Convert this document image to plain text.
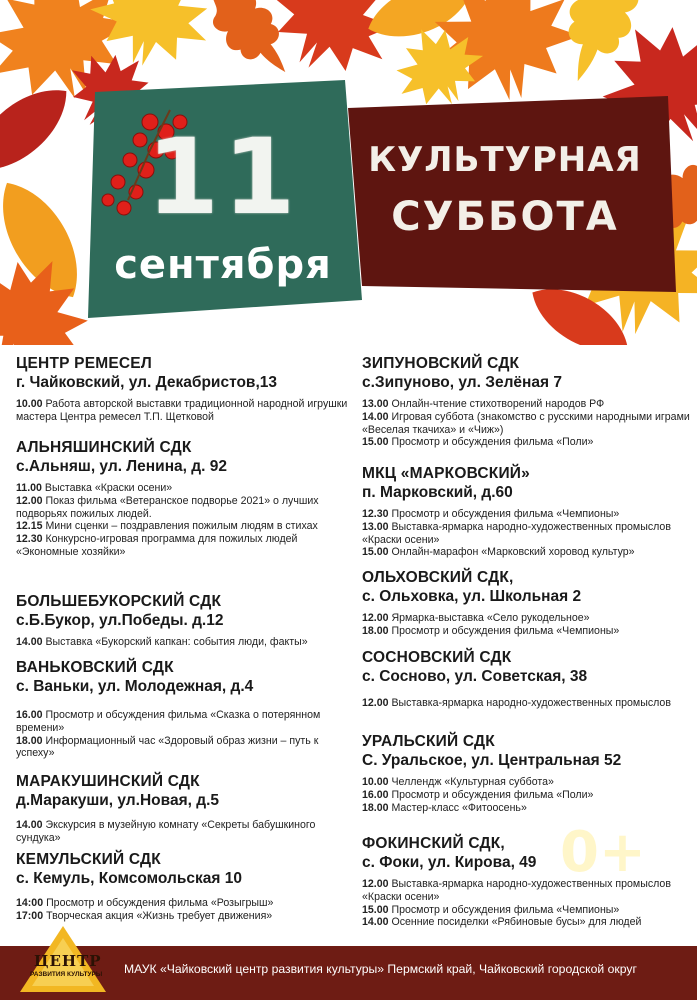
11
сентября
КУЛЬТУРНАЯ
СУББОТА
ЦЕНТР РЕМЕСЕЛ
г. Чайковский, ул. Декабристов,13
10.00 Работа авторской выставки традиционной народной игрушки мастера Центра ремесел Т.П. Щетковой
АЛЬНЯШИНСКИЙ СДК
с.Альняш, ул. Ленина, д. 92
11.00 Выставка «Краски осени»
12.00 Показ фильма «Ветеранское подворье 2021» о лучших подворьях пожилых людей.
12.15 Мини сценки – поздравления пожилым людям в стихах
12.30 Конкурсно-игровая программа для пожилых людей «Экономные хозяйки»
БОЛЬШЕБУКОРСКИЙ СДК
с.Б.Букор, ул.Победы. д.12
14.00 Выставка «Букорский капкан: события люди, факты»
ВАНЬКОВСКИЙ СДК
с. Ваньки, ул. Молодежная, д.4
16.00 Просмотр и обсуждения фильма «Сказка о потерянном времени»
18.00 Информационный час «Здоровый образ жизни – путь к успеху»
МАРАКУШИНСКИЙ СДК
д.Маракуши, ул.Новая, д.5
14.00 Экскурсия в музейную комнату «Секреты бабушкиного сундука»
КЕМУЛЬСКИЙ СДК
с. Кемуль, Комсомольская 10
14:00 Просмотр и обсуждения фильма «Розыгрыш»
17:00 Творческая акция «Жизнь требует движения»
ЗИПУНОВСКИЙ СДК
с.Зипуново, ул. Зелёная 7
13.00 Онлайн-чтение стихотворений народов РФ
14.00 Игровая суббота (знакомство с русскими народными играми «Веселая ткачиха» и «Чиж»)
15.00 Просмотр и обсуждения фильма «Поли»
МКЦ «МАРКОВСКИЙ»
п. Марковский, д.60
12.30 Просмотр и обсуждения фильма «Чемпионы»
13.00 Выставка-ярмарка народно-художественных промыслов «Краски осени»
15.00 Онлайн-марафон «Марковский хоровод культур»
ОЛЬХОВСКИЙ СДК,
с. Ольховка, ул. Школьная 2
12.00 Ярмарка-выставка «Село рукодельное»
18.00 Просмотр и обсуждения фильма «Чемпионы»
СОСНОВСКИЙ СДК
с. Сосново, ул. Советская, 38
12.00 Выставка-ярмарка народно-художественных промыслов
УРАЛЬСКИЙ СДК
С. Уральское, ул. Центральная 52
10.00 Челлендж «Культурная суббота»
16.00 Просмотр и обсуждения фильма «Поли»
18.00 Мастер-класс «Фитоосень»
ФОКИНСКИЙ СДК,
с. Фоки, ул. Кирова, 49
12.00 Выставка-ярмарка народно-художественных промыслов «Краски осени»
15.00 Просмотр и обсуждения фильма «Чемпионы»
14.00 Осенние посиделки «Рябиновые бусы» для людей
0+
ЦЕНТР
РАЗВИТИЯ КУЛЬТУРЫ МАУК «Чайковский центр развития культуры» Пермский край, Чайковский городской округ
